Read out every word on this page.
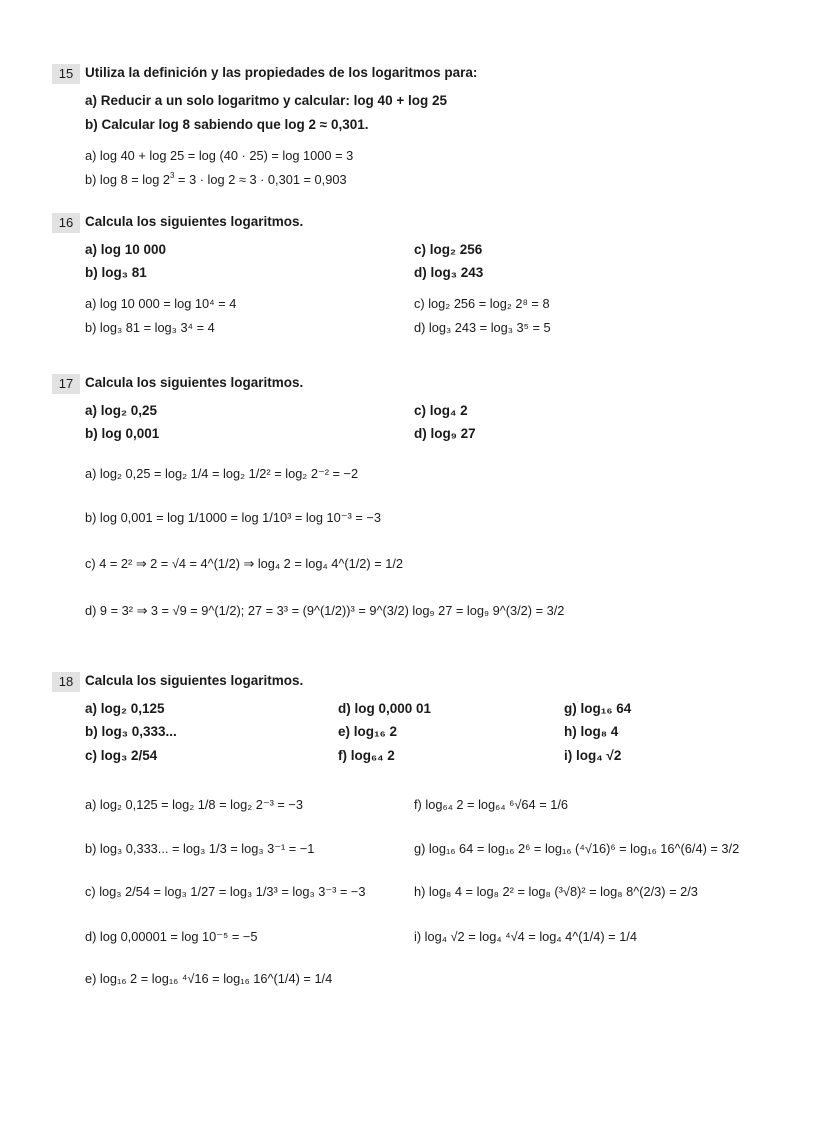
15 Utiliza la definición y las propiedades de los logaritmos para:
a) Reducir a un solo logaritmo y calcular: log 40 + log 25
b) Calcular log 8 sabiendo que log 2 ≈ 0,301.
a) log 40 + log 25 = log (40 · 25) = log 1000 = 3
b) $\log 8 = \log 2^3 = 3 \cdot \log 2 \approx 3 \cdot 0,301 = 0,903$
16 Calcula los siguientes logaritmos.
a) log 10 000	c) log₂ 256
b) log₃ 81	d) log₃ 243
a) log 10 000 = log 10⁴ = 4	c) log₂ 256 = log₂ 2⁸ = 8
b) log₃ 81 = log₃ 3⁴ = 4	d) log₃ 243 = log₃ 3⁵ = 5
17 Calcula los siguientes logaritmos.
a) log₂ 0,25	c) log₄ 2
b) log 0,001	d) log₉ 27
a) log₂ 0,25 = log₂ 1/4 = log₂ 1/2² = log₂ 2⁻² = −2
b) log 0,001 = log 1/1000 = log 1/10³ = log 10⁻³ = −3
c) 4 = 2² ⇒ 2 = √4 = 4^(1/2) ⇒ log₄ 2 = log₄ 4^(1/2) = 1/2
d) 9 = 3² ⇒ 3 = √9 = 9^(1/2); 27 = 3³ = (9^(1/2))³ = 9^(3/2) log₉ 27 = log₉ 9^(3/2) = 3/2
18 Calcula los siguientes logaritmos.
a) log₂ 0,125	d) log 0,000 01	g) log₁₆ 64
b) log₃ 0,333...	e) log₁₆ 2	h) log₈ 4
c) log₃ 2/54	f) log₆₄ 2	i) log₄ √2
a) log₂ 0,125 = log₂ 1/8 = log₂ 2⁻³ = −3	f) log₆₄ 2 = log₆₄ ⁶√64 = 1/6
b) log₃ 0,333... = log₃ 1/3 = log₃ 3⁻¹ = −1	g) log₁₆ 64 = log₁₆ 2⁶ = log₁₆ (⁴√16)⁶ = log₁₆ 16^(6/4) = 3/2
c) log₃ 2/54 = log₃ 1/27 = log₃ 1/3³ = log₃ 3⁻³ = −3	h) log₈ 4 = log₈ 2² = log₈ (³√8)² = log₈ 8^(2/3) = 2/3
d) log 0,00001 = log 10⁻⁵ = −5	i) log₄ √2 = log₄ ⁴√4 = log₄ 4^(1/4) = 1/4
e) log₁₆ 2 = log₁₆ ⁴√16 = log₁₆ 16^(1/4) = 1/4
